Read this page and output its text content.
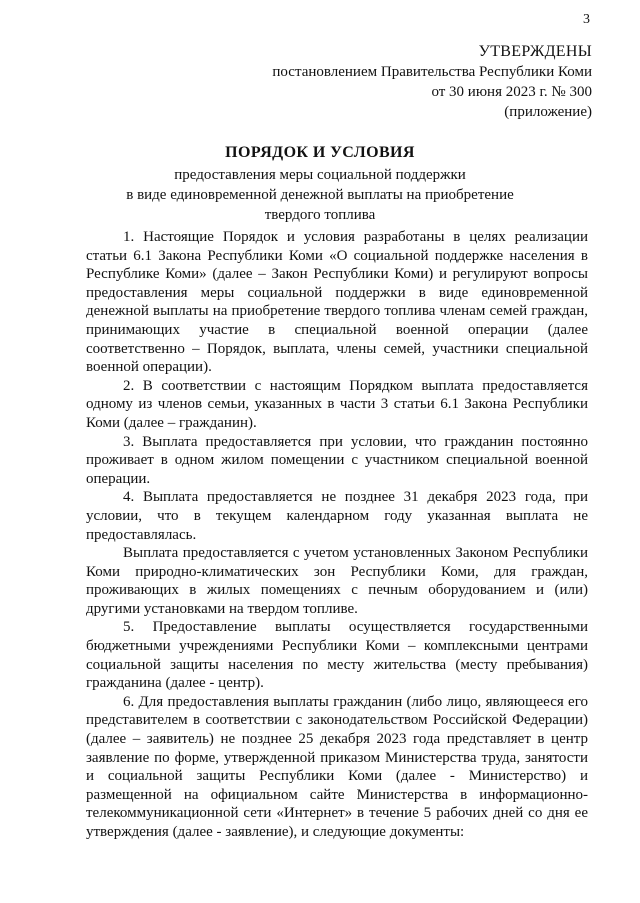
3
УТВЕРЖДЕНЫ
постановлением Правительства Республики Коми
от 30 июня 2023 г. № 300
(приложение)
ПОРЯДОК И УСЛОВИЯ
предоставления меры социальной поддержки
в виде единовременной денежной выплаты на приобретение
твердого топлива

1. Настоящие Порядок и условия разработаны в целях реализации статьи 6.1 Закона Республики Коми «О социальной поддержке населения в Республике Коми» (далее – Закон Республики Коми) и регулируют вопросы предоставления меры социальной поддержки в виде единовременной денежной выплаты на приобретение твердого топлива членам семей граждан, принимающих участие в специальной военной операции (далее соответственно – Порядок, выплата, члены семей, участники специальной военной операции).

2. В соответствии с настоящим Порядком выплата предоставляется одному из членов семьи, указанных в части 3 статьи 6.1 Закона Республики Коми (далее – гражданин).

3. Выплата предоставляется при условии, что гражданин постоянно проживает в одном жилом помещении с участником специальной военной операции.

4. Выплата предоставляется не позднее 31 декабря 2023 года, при условии, что в текущем календарном году указанная выплата не предоставлялась.

Выплата предоставляется с учетом установленных Законом Республики Коми природно-климатических зон Республики Коми, для граждан, проживающих в жилых помещениях с печным оборудованием и (или) другими установками на твердом топливе.

5. Предоставление выплаты осуществляется государственными бюджетными учреждениями Республики Коми – комплексными центрами социальной защиты населения по месту жительства (месту пребывания) гражданина (далее - центр).

6. Для предоставления выплаты гражданин (либо лицо, являющееся его представителем в соответствии с законодательством Российской Федерации) (далее – заявитель) не позднее 25 декабря 2023 года представляет в центр заявление по форме, утвержденной приказом Министерства труда, занятости и социальной защиты Республики Коми (далее - Министерство) и размещенной на официальном сайте Министерства в информационно-телекоммуникационной сети «Интернет» в течение 5 рабочих дней со дня ее утверждения (далее - заявление), и следующие документы:
